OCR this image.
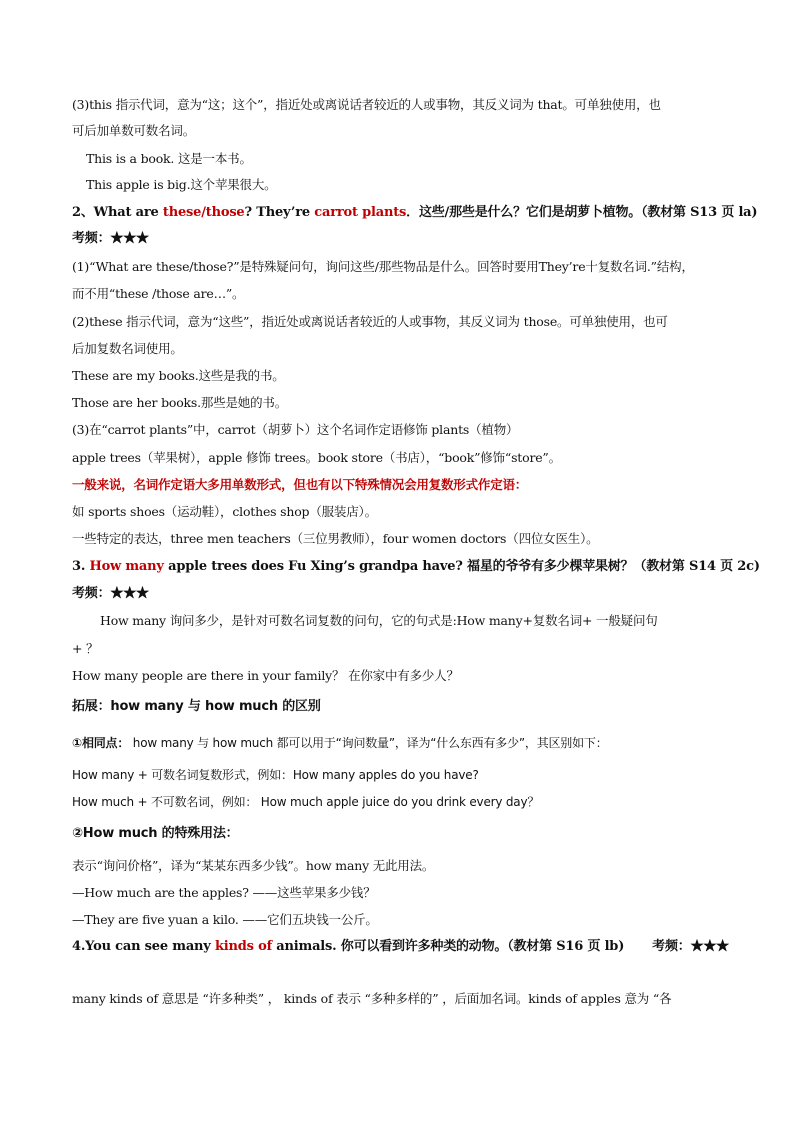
(3)this 指示代词，意为“这；这个”，指近处或离说话者较近的人或事物，其反义词为 that。可单独使用，也
可后加单数可数名词。
This is a book. 这是一本书。
This apple is big.这个苹果很大。
2、What are these/those? They’re carrot plants．这些/那些是什么？它们是胡萝卜植物。（教材第 S13 页 la)
考频：★★★
(1)“What are these/those?”是特殊疑问句，询问这些/那些物品是什么。回答时要用They’re十复数名词.”结构，
而不用“these /those are…”。
(2)these 指示代词，意为“这些”，指近处或离说话者较近的人或事物，其反义词为 those。可单独使用，也可
后加复数名词使用。
These are my books.这些是我的书。
Those are her books.那些是她的书。
(3)在“carrot plants”中，carrot（胡萝卜）这个名词作定语修饰 plants（植物）
apple trees（苹果树），apple 修饰 trees。book store（书店），“book”修饰“store”。
一般来说，名词作定语大多用单数形式，但也有以下特殊情况会用复数形式作定语：
如 sports shoes（运动鞋），clothes shop（服装店）。
一些特定的表达，three men teachers（三位男教师），four women doctors（四位女医生）。
3. How many apple trees does Fu Xing’s grandpa have? 福星的爷爷有多少棵苹果树？（教材第 S14 页 2c)
考频：★★★
How many 询问多少，是针对可数名词复数的问句，它的句式是:How many+复数名词+ 一般疑问句
+ ？
How many people are there in your family？ 在你家中有多少人？
拓展：how many 与 how much 的区别
①相同点： how many 与 how much 都可以用于“询问数量”，译为“什么东西有多少”，其区别如下：
How many + 可数名词复数形式，例如：How many apples do you have?
How much + 不可数名词，例如： How much apple juice do you drink every day？
②How much 的特殊用法：
表示“询问价格”，译为“某某东西多少钱”。how many 无此用法。
—How much are the apples? ——这些苹果多少钱？
—They are five yuan a kilo. ——它们五块钱一公斤。
4.You can see many kinds of animals. 你可以看到许多种类的动物。（教材第 S16 页 lb) 考频：★★★
many kinds of 意思是 “许多种类” ， kinds of 表示 “多种多样的” ，后面加名词。kinds of apples 意为 “各
